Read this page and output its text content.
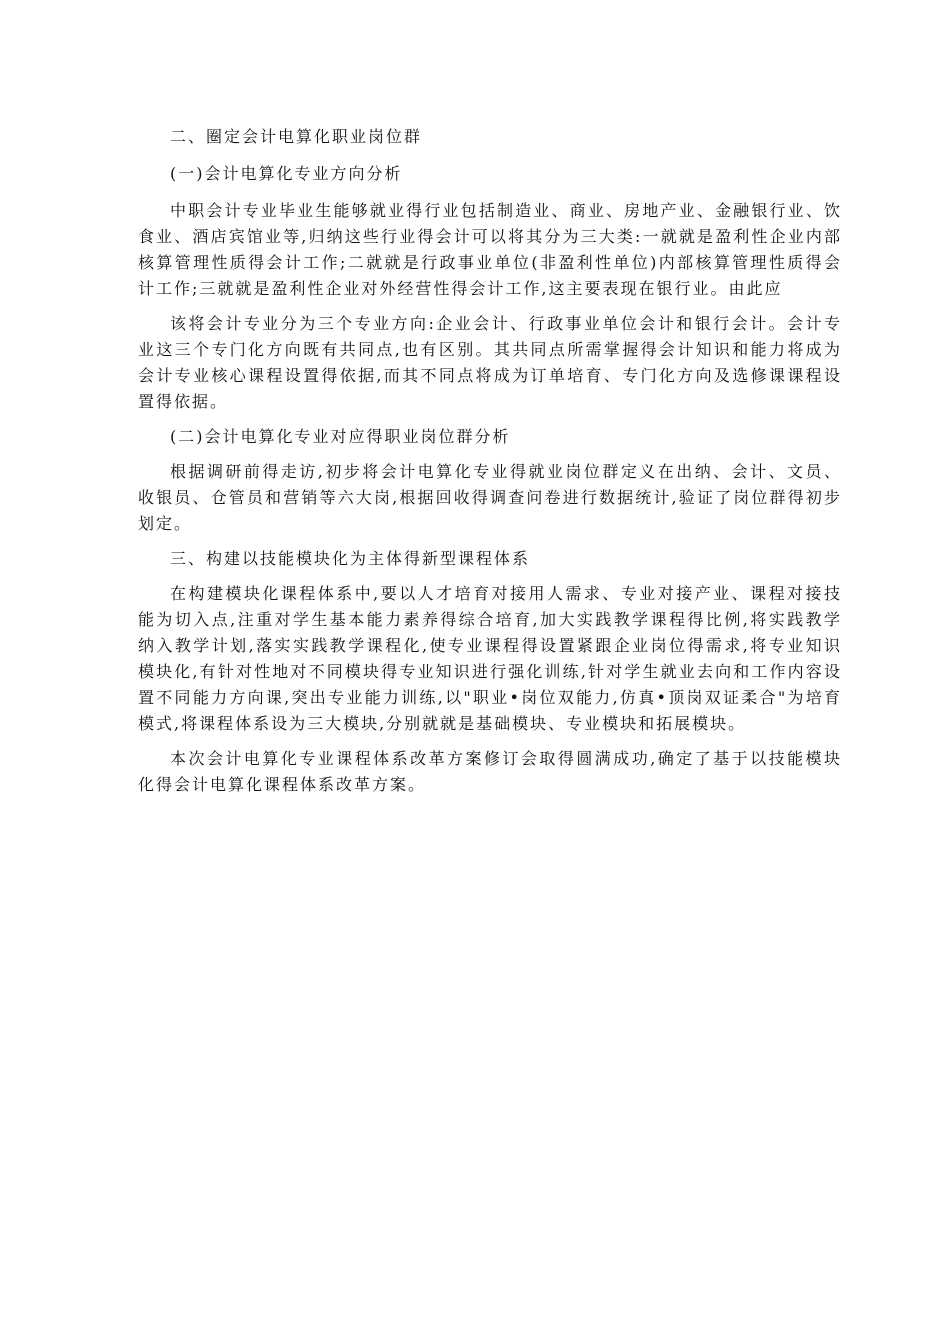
二、圈定会计电算化职业岗位群

(一)会计电算化专业方向分析

中职会计专业毕业生能够就业得行业包括制造业、商业、房地产业、金融银行业、饮食业、酒店宾馆业等,归纳这些行业得会计可以将其分为三大类:一就就是盈利性企业内部核算管理性质得会计工作;二就就是行政事业单位(非盈利性单位)内部核算管理性质得会计工作;三就就是盈利性企业对外经营性得会计工作,这主要表现在银行业。由此应

该将会计专业分为三个专业方向:企业会计、行政事业单位会计和银行会计。会计专业这三个专门化方向既有共同点,也有区别。其共同点所需掌握得会计知识和能力将成为会计专业核心课程设置得依据,而其不同点将成为订单培育、专门化方向及选修课课程设置得依据。

(二)会计电算化专业对应得职业岗位群分析

根据调研前得走访,初步将会计电算化专业得就业岗位群定义在出纳、会计、文员、收银员、仓管员和营销等六大岗,根据回收得调查问卷进行数据统计,验证了岗位群得初步划定。

三、构建以技能模块化为主体得新型课程体系

在构建模块化课程体系中,要以人才培育对接用人需求、专业对接产业、课程对接技能为切入点,注重对学生基本能力素养得综合培育,加大实践教学课程得比例,将实践教学纳入教学计划,落实实践教学课程化,使专业课程得设置紧跟企业岗位得需求,将专业知识模块化,有针对性地对不同模块得专业知识进行强化训练,针对学生就业去向和工作内容设置不同能力方向课,突出专业能力训练,以"职业•岗位双能力,仿真•顶岗双证柔合"为培育模式,将课程体系设为三大模块,分别就就是基础模块、专业模块和拓展模块。

本次会计电算化专业课程体系改革方案修订会取得圆满成功,确定了基于以技能模块化得会计电算化课程体系改革方案。
